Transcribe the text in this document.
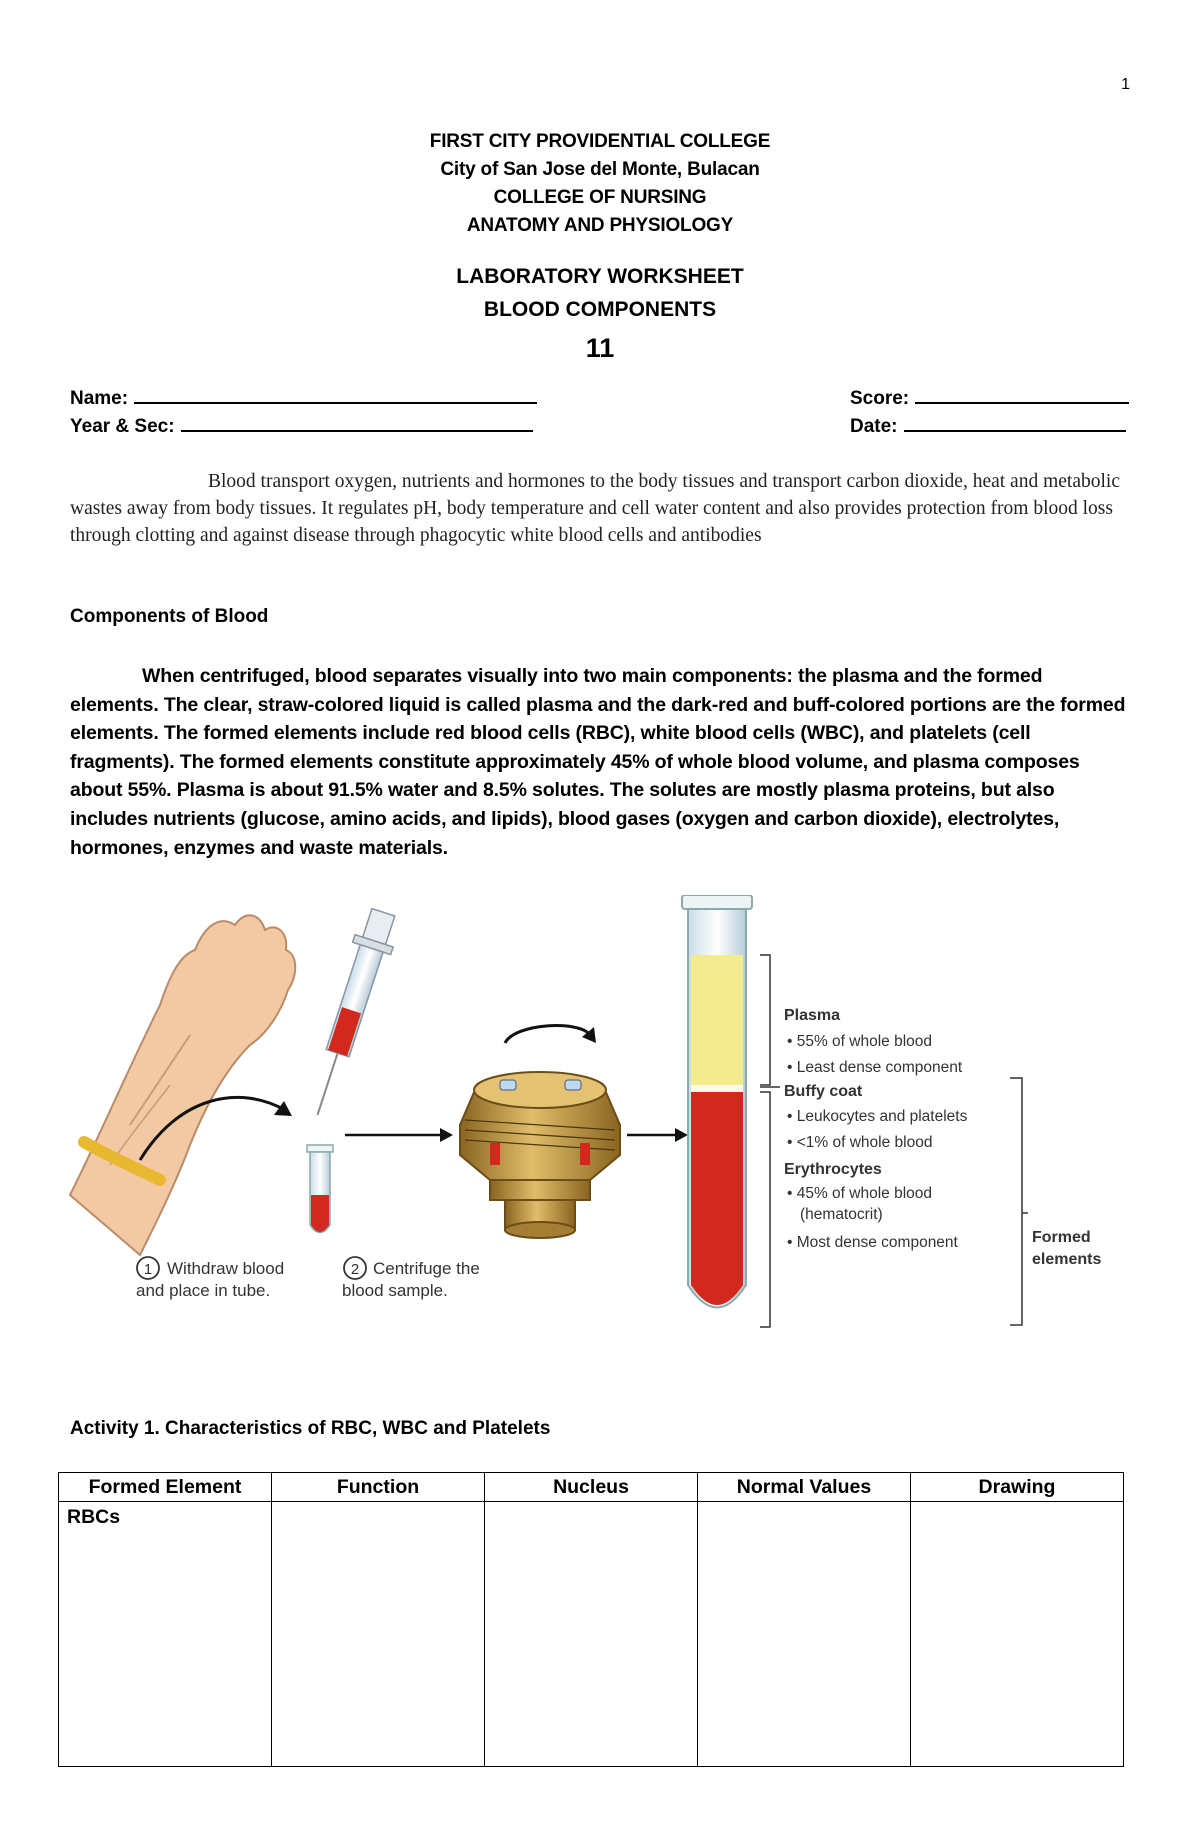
1
FIRST CITY PROVIDENTIAL COLLEGE
City of San Jose del Monte, Bulacan
COLLEGE OF NURSING
ANATOMY AND PHYSIOLOGY
LABORATORY WORKSHEET
BLOOD COMPONENTS
11
Name:
Year & Sec:
Score:
Date:
Blood transport oxygen, nutrients and hormones to the body tissues and transport carbon dioxide, heat and metabolic wastes away from body tissues. It regulates pH, body temperature and cell water content and also provides protection from blood loss through clotting and against disease through phagocytic white blood cells and antibodies
Components of Blood
When centrifuged, blood separates visually into two main components: the plasma and the formed elements. The clear, straw-colored liquid is called plasma and the dark-red and buff-colored portions are the formed elements. The formed elements include red blood cells (RBC), white blood cells (WBC), and platelets (cell fragments). The formed elements constitute approximately 45% of whole blood volume, and plasma composes about 55%. Plasma is about 91.5% water and 8.5% solutes. The solutes are mostly plasma proteins, but also includes nutrients (glucose, amino acids, and lipids), blood gases (oxygen and carbon dioxide), electrolytes, hormones, enzymes and waste materials.
1 Withdraw blood
and place in tube.
2 Centrifuge the
blood sample.
Plasma
• 55% of whole blood
• Least dense component
Buffy coat
• Leukocytes and platelets
• <1% of whole blood
Erythrocytes
• 45% of whole blood
(hematocrit)
• Most dense component	Formed
elements
Activity 1. Characteristics of RBC, WBC and Platelets
Formed Element	Function	Nucleus	Normal Values	Drawing
RBCs				
